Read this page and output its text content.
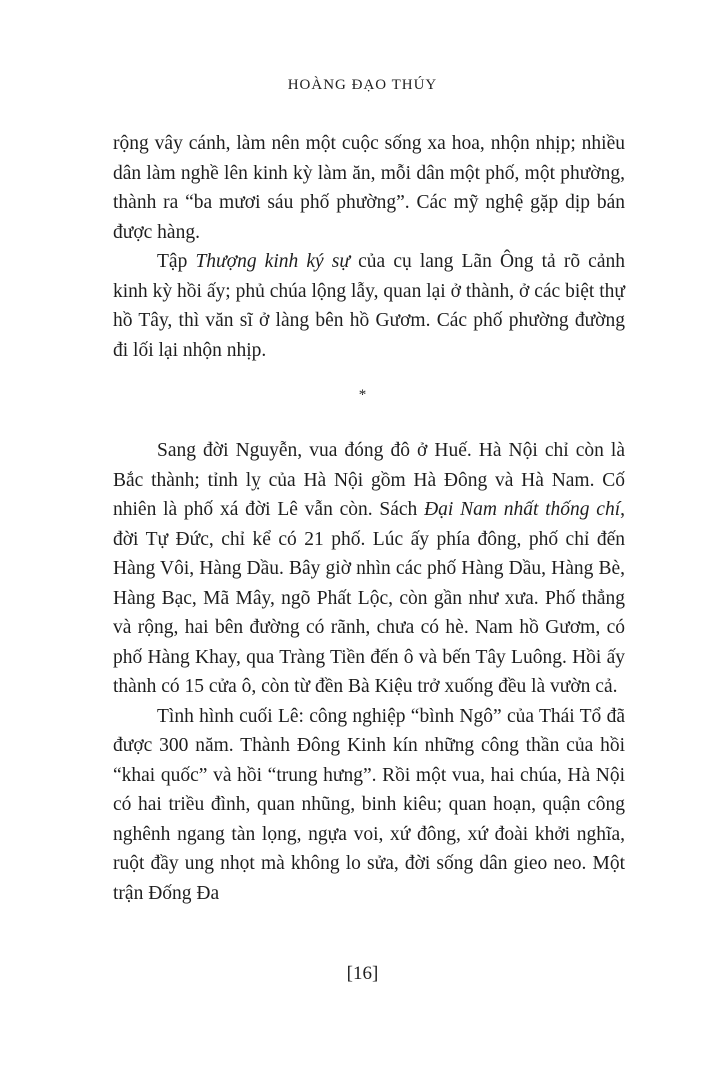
HOÀNG ĐẠO THÚY

rộng vây cánh, làm nên một cuộc sống xa hoa, nhộn nhịp; nhiều dân làm nghề lên kinh kỳ làm ăn, mỗi dân một phố, một phường, thành ra “ba mươi sáu phố phường”. Các mỹ nghệ gặp dịp bán được hàng.

Tập Thượng kinh ký sự của cụ lang Lãn Ông tả rõ cảnh kinh kỳ hồi ấy; phủ chúa lộng lẫy, quan lại ở thành, ở các biệt thự hồ Tây, thì văn sĩ ở làng bên hồ Gươm. Các phố phường đường đi lối lại nhộn nhịp.

*

Sang đời Nguyễn, vua đóng đô ở Huế. Hà Nội chỉ còn là Bắc thành; tỉnh lỵ của Hà Nội gồm Hà Đông và Hà Nam. Cố nhiên là phố xá đời Lê vẫn còn. Sách Đại Nam nhất thống chí, đời Tự Đức, chỉ kể có 21 phố. Lúc ấy phía đông, phố chỉ đến Hàng Vôi, Hàng Dầu. Bây giờ nhìn các phố Hàng Dầu, Hàng Bè, Hàng Bạc, Mã Mây, ngõ Phất Lộc, còn gần như xưa. Phố thẳng và rộng, hai bên đường có rãnh, chưa có hè. Nam hồ Gươm, có phố Hàng Khay, qua Tràng Tiền đến ô và bến Tây Luông. Hồi ấy thành có 15 cửa ô, còn từ đền Bà Kiệu trở xuống đều là vườn cả.

Tình hình cuối Lê: công nghiệp “bình Ngô” của Thái Tổ đã được 300 năm. Thành Đông Kinh kín những công thần của hồi “khai quốc” và hồi “trung hưng”. Rồi một vua, hai chúa, Hà Nội có hai triều đình, quan nhũng, binh kiêu; quan hoạn, quận công nghênh ngang tàn lọng, ngựa voi, xứ đông, xứ đoài khởi nghĩa, ruột đầy ung nhọt mà không lo sửa, đời sống dân gieo neo. Một trận Đống Đa

[16]
